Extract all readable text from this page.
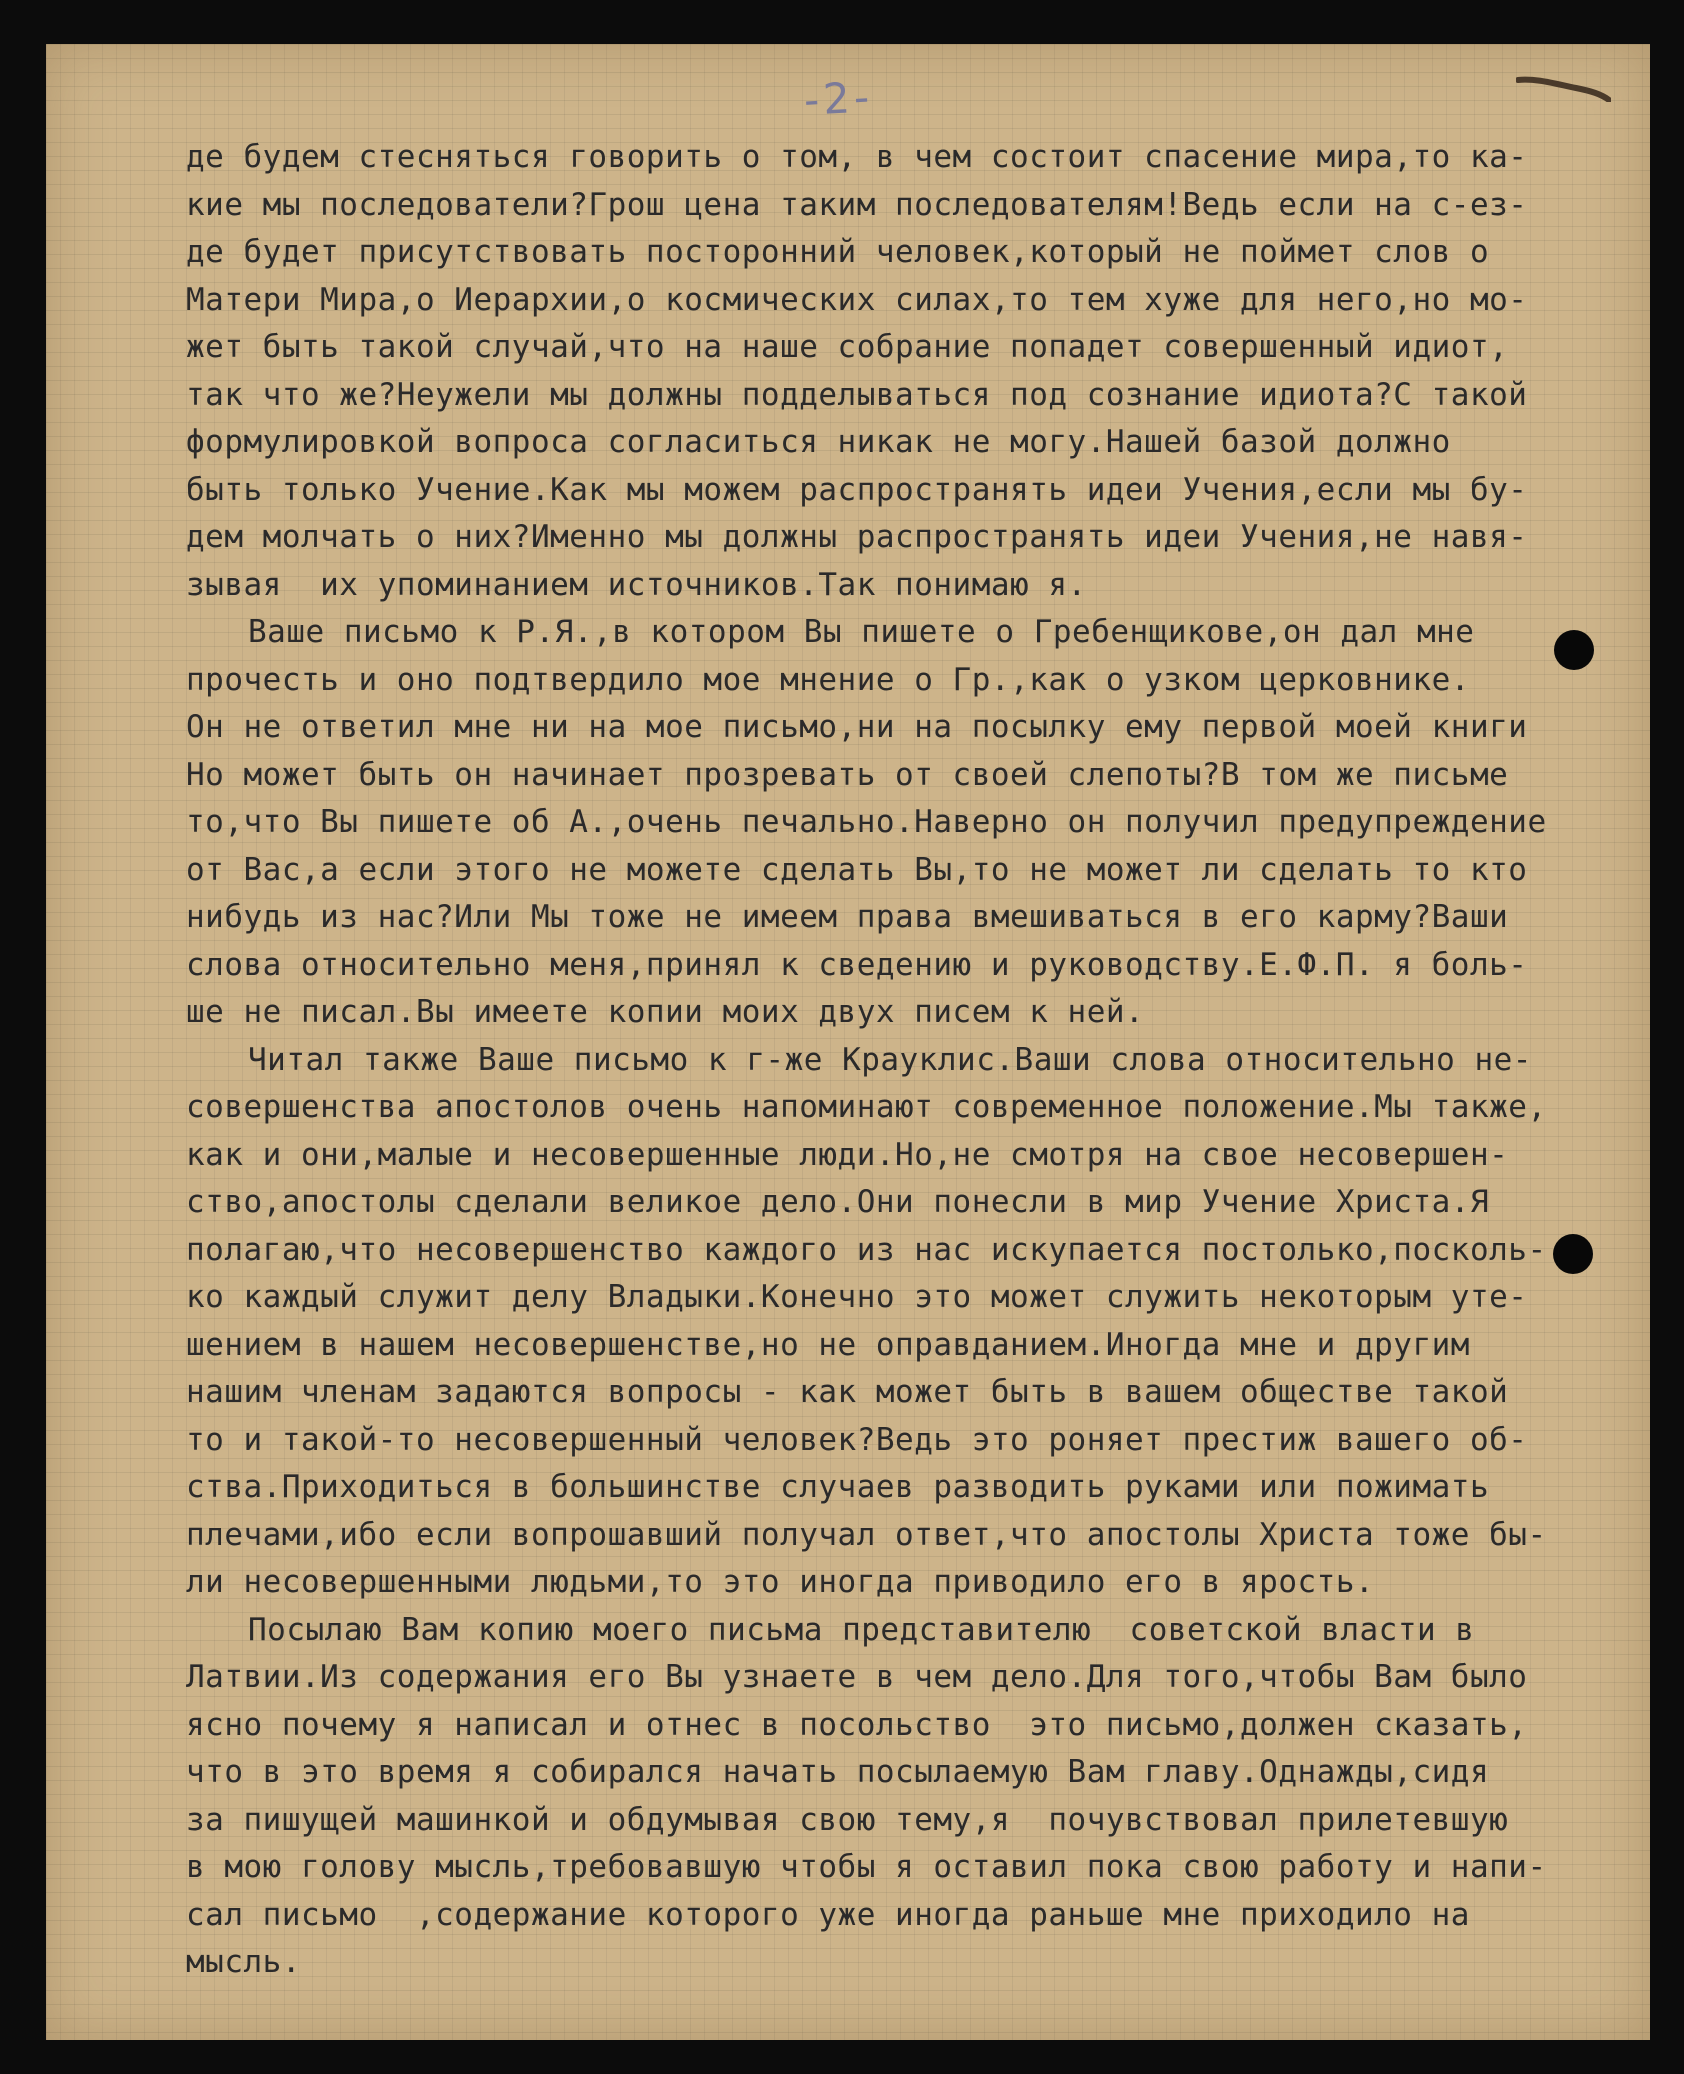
-2-
де будем стесняться говорить о том, в чем состоит спасение мира,то ка-
кие мы последователи?Грош цена таким последователям!Ведь если на с-ез-
де будет присутствовать посторонний человек,который не поймет слов о
Матери Мира,о Иерархии,о космических силах,то тем хуже для него,но мо-
жет быть такой случай,что на наше собрание попадет совершенный идиот,
так что же?Неужели мы должны подделываться под сознание идиота?С такой
формулировкой вопроса согласиться никак не могу.Нашей базой должно
быть только Учение.Как мы можем распространять идеи Учения,если мы бу-
дем молчать о них?Именно мы должны распространять идеи Учения,не навя-
зывая  их упоминанием источников.Так понимаю я.
Ваше письмо к Р.Я.,в котором Вы пишете о Гребенщикове,он дал мне
прочесть и оно подтвердило мое мнение о Гр.,как о узком церковнике.
Он не ответил мне ни на мое письмо,ни на посылку ему первой моей книги
Но может быть он начинает прозревать от своей слепоты?В том же письме
то,что Вы пишете об А.,очень печально.Наверно он получил предупреждение
от Вас,а если этого не можете сделать Вы,то не может ли сделать то кто
нибудь из нас?Или Мы тоже не имеем права вмешиваться в его карму?Ваши
слова относительно меня,принял к сведению и руководству.Е.Ф.П. я боль-
ше не писал.Вы имеете копии моих двух писем к ней.
Читал также Ваше письмо к г-же Крауклис.Ваши слова относительно не-
совершенства апостолов очень напоминают современное положение.Мы также,
как и они,малые и несовершенные люди.Но,не смотря на свое несовершен-
ство,апостолы сделали великое дело.Они понесли в мир Учение Христа.Я
полагаю,что несовершенство каждого из нас искупается постолько,посколь-
ко каждый служит делу Владыки.Конечно это может служить некоторым уте-
шением в нашем несовершенстве,но не оправданием.Иногда мне и другим
нашим членам задаются вопросы - как может быть в вашем обществе такой
то и такой-то несовершенный человек?Ведь это роняет престиж вашего об-
ства.Приходиться в большинстве случаев разводить руками или пожимать
плечами,ибо если вопрошавший получал ответ,что апостолы Христа тоже бы-
ли несовершенными людьми,то это иногда приводило его в ярость.
Посылаю Вам копию моего письма представителю  советской власти в
Латвии.Из содержания его Вы узнаете в чем дело.Для того,чтобы Вам было
ясно почему я написал и отнес в посольство  это письмо,должен сказать,
что в это время я собирался начать посылаемую Вам главу.Однажды,сидя
за пишущей машинкой и обдумывая свою тему,я  почувствовал прилетевшую
в мою голову мысль,требовавшую чтобы я оставил пока свою работу и напи-
сал письмо  ,содержание которого уже иногда раньше мне приходило на
мысль.
